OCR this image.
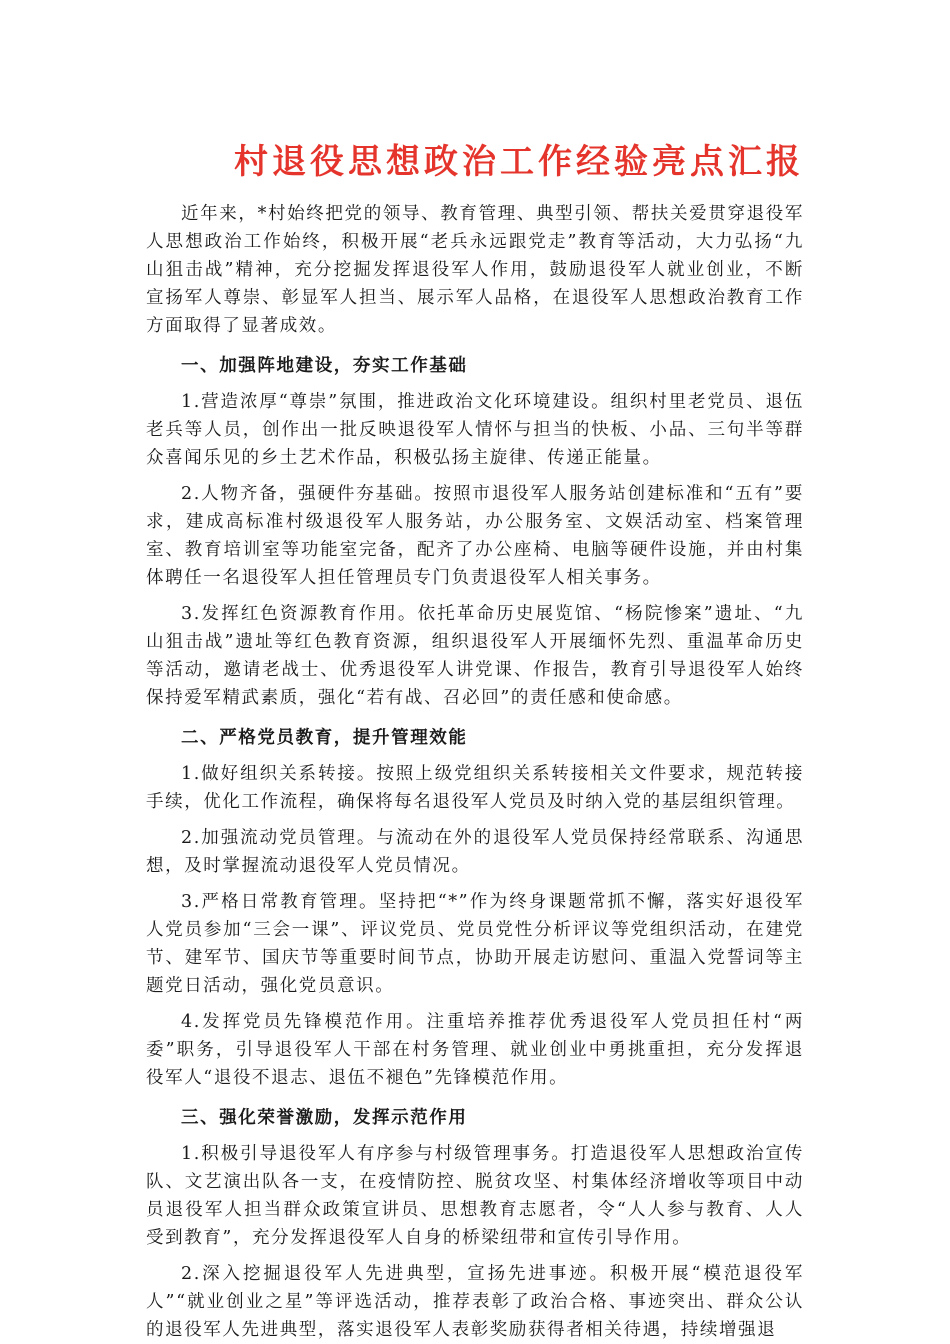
村退役思想政治工作经验亮点汇报

近年来，*村始终把党的领导、教育管理、典型引领、帮扶关爱贯穿退役军人思想政治工作始终，积极开展“老兵永远跟党走”教育等活动，大力弘扬“九山狙击战”精神，充分挖掘发挥退役军人作用，鼓励退役军人就业创业，不断宣扬军人尊崇、彰显军人担当、展示军人品格，在退役军人思想政治教育工作方面取得了显著成效。

一、加强阵地建设，夯实工作基础

1.营造浓厚“尊崇”氛围，推进政治文化环境建设。组织村里老党员、退伍老兵等人员，创作出一批反映退役军人情怀与担当的快板、小品、三句半等群众喜闻乐见的乡土艺术作品，积极弘扬主旋律、传递正能量。

2.人物齐备，强硬件夯基础。按照市退役军人服务站创建标准和“五有”要求，建成高标准村级退役军人服务站，办公服务室、文娱活动室、档案管理室、教育培训室等功能室完备，配齐了办公座椅、电脑等硬件设施，并由村集体聘任一名退役军人担任管理员专门负责退役军人相关事务。

3.发挥红色资源教育作用。依托革命历史展览馆、“杨院惨案”遗址、“九山狙击战”遗址等红色教育资源，组织退役军人开展缅怀先烈、重温革命历史等活动，邀请老战士、优秀退役军人讲党课、作报告，教育引导退役军人始终保持爱军精武素质，强化“若有战、召必回”的责任感和使命感。

二、严格党员教育，提升管理效能

1.做好组织关系转接。按照上级党组织关系转接相关文件要求，规范转接手续，优化工作流程，确保将每名退役军人党员及时纳入党的基层组织管理。

2.加强流动党员管理。与流动在外的退役军人党员保持经常联系、沟通思想，及时掌握流动退役军人党员情况。

3.严格日常教育管理。坚持把“*”作为终身课题常抓不懈，落实好退役军人党员参加“三会一课”、评议党员、党员党性分析评议等党组织活动，在建党节、建军节、国庆节等重要时间节点，协助开展走访慰问、重温入党誓词等主题党日活动，强化党员意识。

4.发挥党员先锋模范作用。注重培养推荐优秀退役军人党员担任村“两委”职务，引导退役军人干部在村务管理、就业创业中勇挑重担，充分发挥退役军人“退役不退志、退伍不褪色”先锋模范作用。

三、强化荣誉激励，发挥示范作用

1.积极引导退役军人有序参与村级管理事务。打造退役军人思想政治宣传队、文艺演出队各一支，在疫情防控、脱贫攻坚、村集体经济增收等项目中动员退役军人担当群众政策宣讲员、思想教育志愿者，令“人人参与教育、人人受到教育”，充分发挥退役军人自身的桥梁纽带和宣传引导作用。

2.深入挖掘退役军人先进典型，宣扬先进事迹。积极开展“模范退役军人”“就业创业之星”等评选活动，推荐表彰了政治合格、事迹突出、群众公认的退役军人先进典型，落实退役军人表彰奖励获得者相关待遇，持续增强退
